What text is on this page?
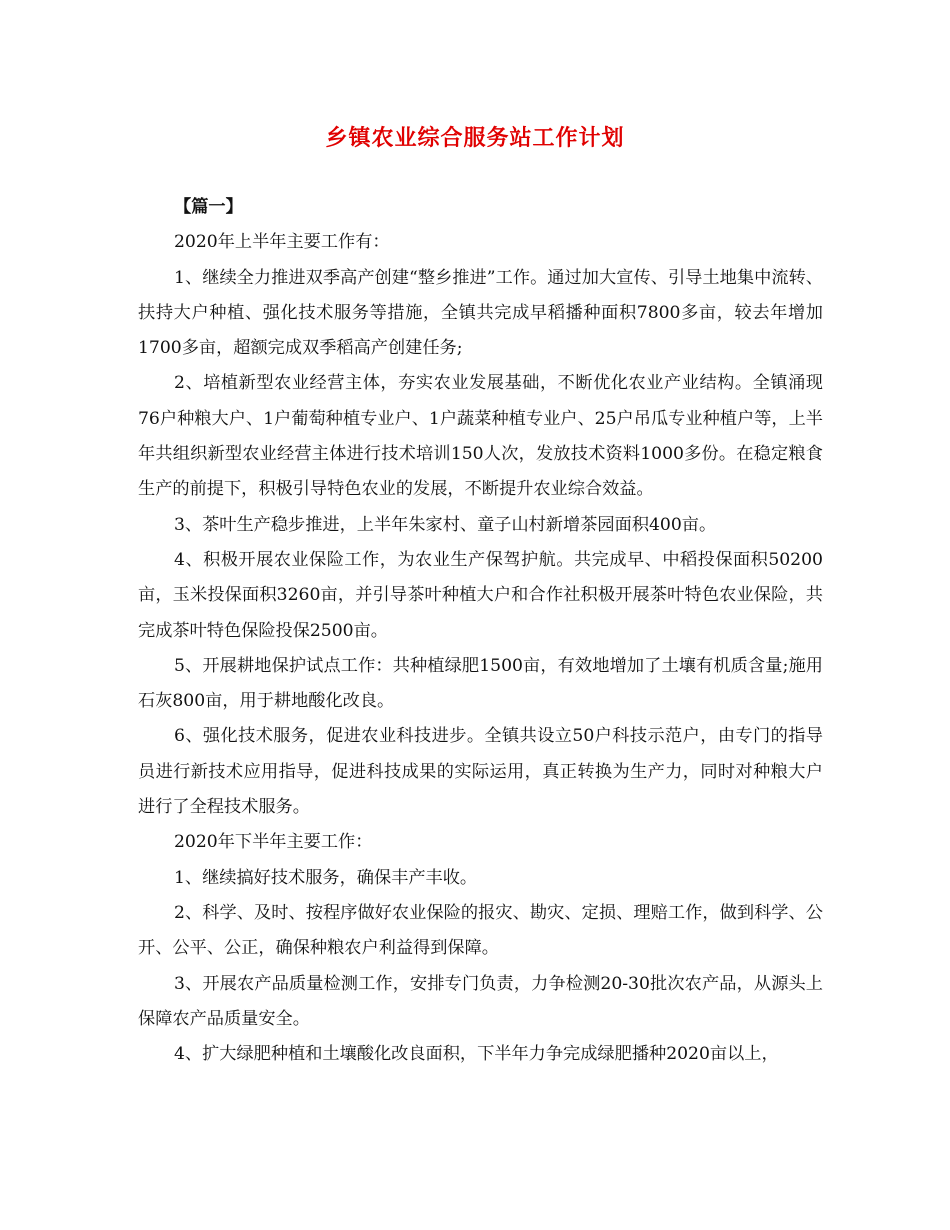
乡镇农业综合服务站工作计划

【篇一】

2020年上半年主要工作有：

1、继续全力推进双季高产创建“整乡推进”工作。通过加大宣传、引导土地集中流转、扶持大户种植、强化技术服务等措施，全镇共完成早稻播种面积7800多亩，较去年增加1700多亩，超额完成双季稻高产创建任务;

2、培植新型农业经营主体，夯实农业发展基础，不断优化农业产业结构。全镇涌现76户种粮大户、1户葡萄种植专业户、1户蔬菜种植专业户、25户吊瓜专业种植户等，上半年共组织新型农业经营主体进行技术培训150人次，发放技术资料1000多份。在稳定粮食生产的前提下，积极引导特色农业的发展，不断提升农业综合效益。

3、茶叶生产稳步推进，上半年朱家村、童子山村新增茶园面积400亩。

4、积极开展农业保险工作，为农业生产保驾护航。共完成早、中稻投保面积50200亩，玉米投保面积3260亩，并引导茶叶种植大户和合作社积极开展茶叶特色农业保险，共完成茶叶特色保险投保2500亩。

5、开展耕地保护试点工作：共种植绿肥1500亩，有效地增加了土壤有机质含量;施用石灰800亩，用于耕地酸化改良。

6、强化技术服务，促进农业科技进步。全镇共设立50户科技示范户，由专门的指导员进行新技术应用指导，促进科技成果的实际运用，真正转换为生产力，同时对种粮大户进行了全程技术服务。

2020年下半年主要工作：

1、继续搞好技术服务，确保丰产丰收。

2、科学、及时、按程序做好农业保险的报灾、勘灾、定损、理赔工作，做到科学、公开、公平、公正，确保种粮农户利益得到保障。

3、开展农产品质量检测工作，安排专门负责，力争检测20-30批次农产品，从源头上保障农产品质量安全。

4、扩大绿肥种植和土壤酸化改良面积，下半年力争完成绿肥播种2020亩以上，
